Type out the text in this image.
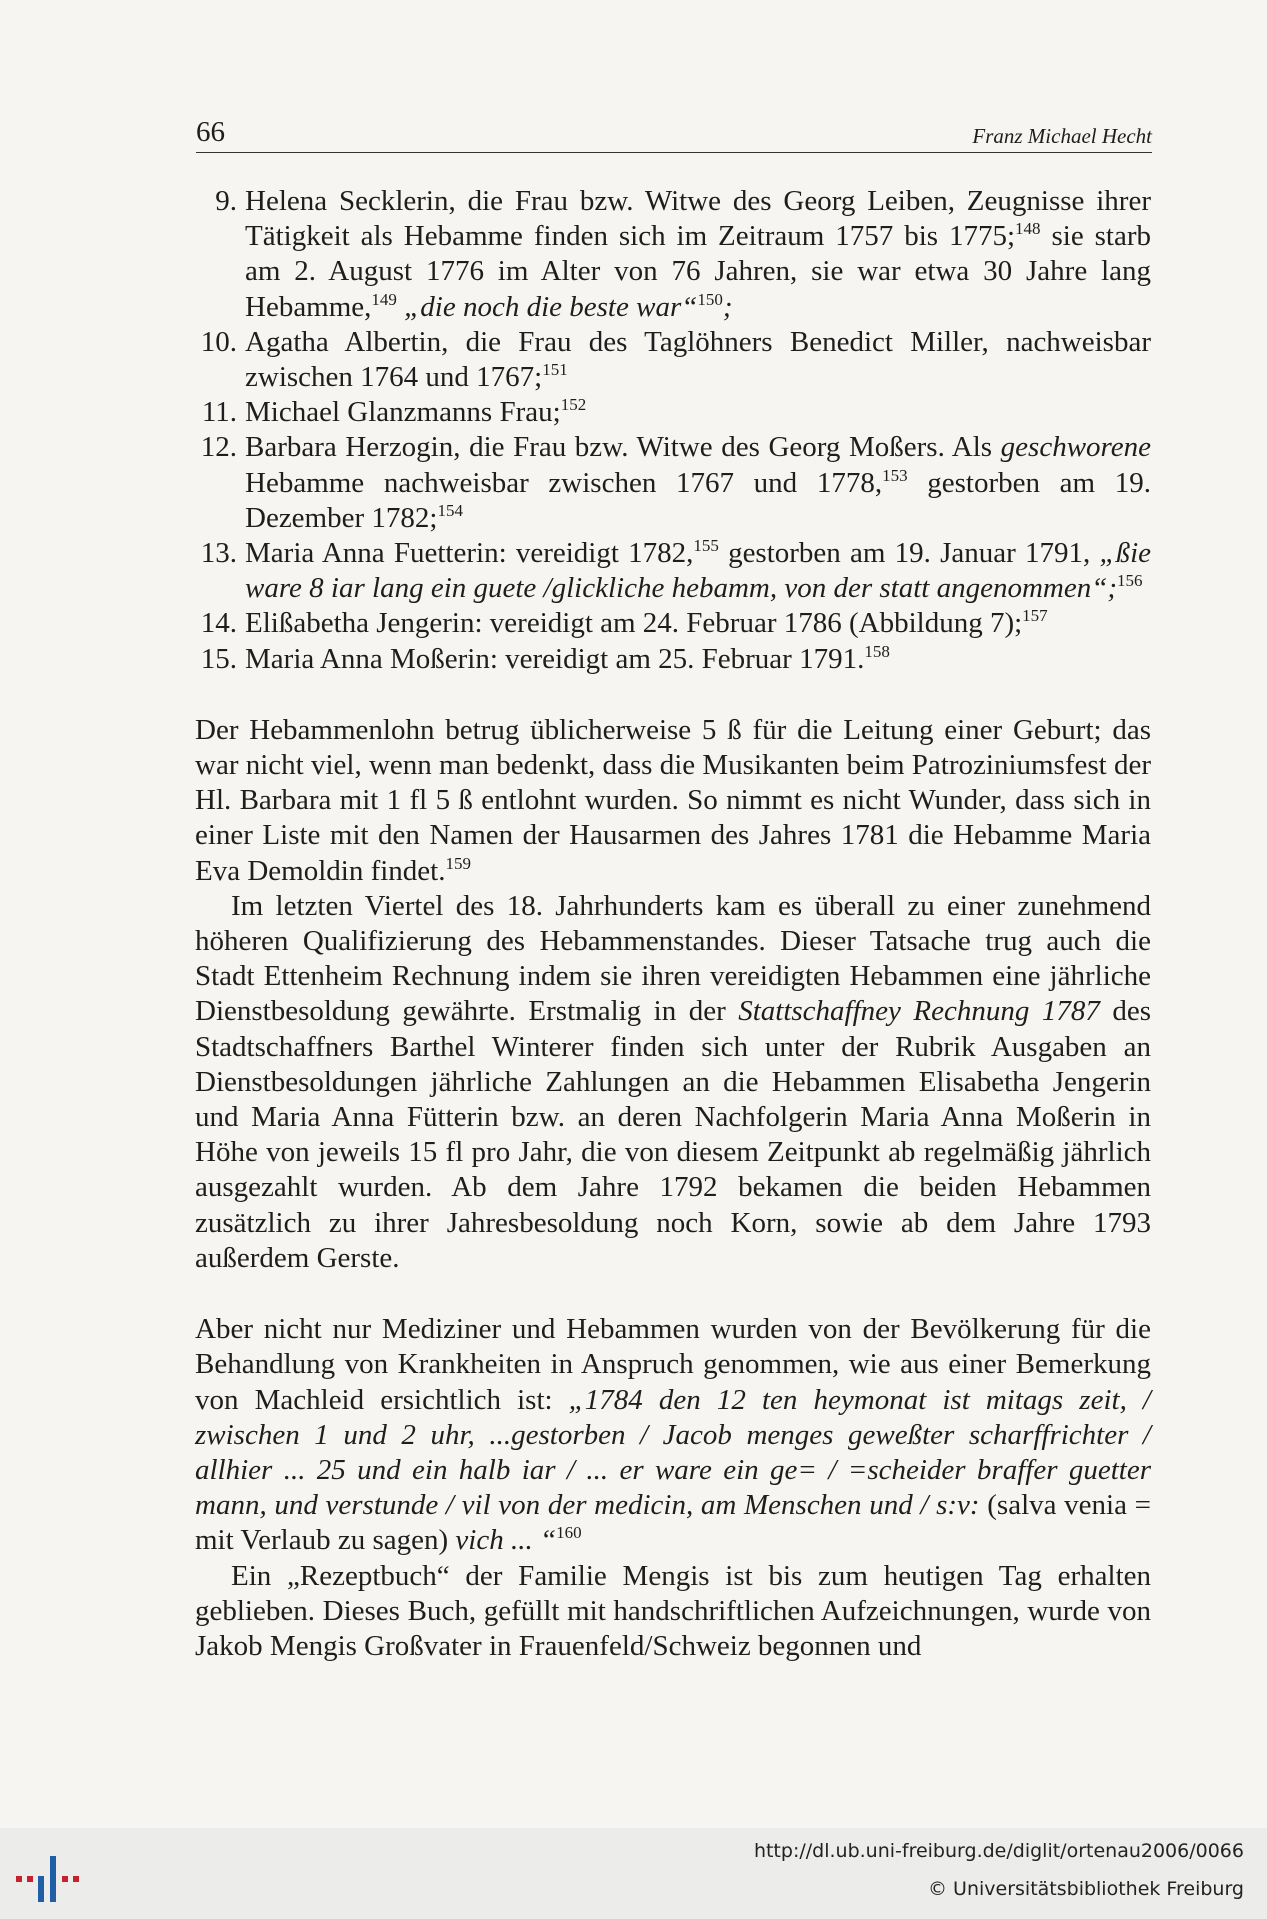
66	Franz Michael Hecht
9. Helena Secklerin, die Frau bzw. Witwe des Georg Leiben, Zeugnisse ihrer Tätigkeit als Hebamme finden sich im Zeitraum 1757 bis 1775;$^{148}$ sie starb am 2. August 1776 im Alter von 76 Jahren, sie war etwa 30 Jahre lang Hebamme,$^{149}$ „die noch die beste war“$^{150}$;
10. Agatha Albertin, die Frau des Taglöhners Benedict Miller, nachweisbar zwischen 1764 und 1767;$^{151}$
11. Michael Glanzmanns Frau;$^{152}$
12. Barbara Herzogin, die Frau bzw. Witwe des Georg Moßers. Als geschworene Hebamme nachweisbar zwischen 1767 und 1778,$^{153}$ gestorben am 19. Dezember 1782;$^{154}$
13. Maria Anna Fuetterin: vereidigt 1782,$^{155}$ gestorben am 19. Januar 1791, „ßie ware 8 iar lang ein guete /glickliche hebamm, von der statt angenommen“;$^{156}$
14. Elißabetha Jengerin: vereidigt am 24. Februar 1786 (Abbildung 7);$^{157}$
15. Maria Anna Moßerin: vereidigt am 25. Februar 1791.$^{158}$

Der Hebammenlohn betrug üblicherweise 5 ß für die Leitung einer Geburt; das war nicht viel, wenn man bedenkt, dass die Musikanten beim Patroziniumsfest der Hl. Barbara mit 1 fl 5 ß entlohnt wurden. So nimmt es nicht Wunder, dass sich in einer Liste mit den Namen der Hausarmen des Jahres 1781 die Hebamme Maria Eva Demoldin findet.$^{159}$

Im letzten Viertel des 18. Jahrhunderts kam es überall zu einer zunehmend höheren Qualifizierung des Hebammenstandes. Dieser Tatsache trug auch die Stadt Ettenheim Rechnung indem sie ihren vereidigten Hebammen eine jährliche Dienstbesoldung gewährte. Erstmalig in der Stattschaffney Rechnung 1787 des Stadtschaffners Barthel Winterer finden sich unter der Rubrik Ausgaben an Dienstbesoldungen jährliche Zahlungen an die Hebammen Elisabetha Jengerin und Maria Anna Fütterin bzw. an deren Nachfolgerin Maria Anna Moßerin in Höhe von jeweils 15 fl pro Jahr, die von diesem Zeitpunkt ab regelmäßig jährlich ausgezahlt wurden. Ab dem Jahre 1792 bekamen die beiden Hebammen zusätzlich zu ihrer Jahresbesoldung noch Korn, sowie ab dem Jahre 1793 außerdem Gerste.

Aber nicht nur Mediziner und Hebammen wurden von der Bevölkerung für die Behandlung von Krankheiten in Anspruch genommen, wie aus einer Bemerkung von Machleid ersichtlich ist: „1784 den 12 ten heymonat ist mitags zeit, / zwischen 1 und 2 uhr, ...gestorben / Jacob menges geweßter scharffrichter / allhier ... 25 und ein halb iar / ... er ware ein ge= / =scheider braffer guetter mann, und verstunde / vil von der medicin, am Menschen und / s:v: (salva venia = mit Verlaub zu sagen) vich ... “$^{160}$

Ein „Rezeptbuch“ der Familie Mengis ist bis zum heutigen Tag erhalten geblieben. Dieses Buch, gefüllt mit handschriftlichen Aufzeichnungen, wurde von Jakob Mengis Großvater in Frauenfeld/Schweiz begonnen und

http://dl.ub.uni-freiburg.de/diglit/ortenau2006/0066
© Universitätsbibliothek Freiburg
